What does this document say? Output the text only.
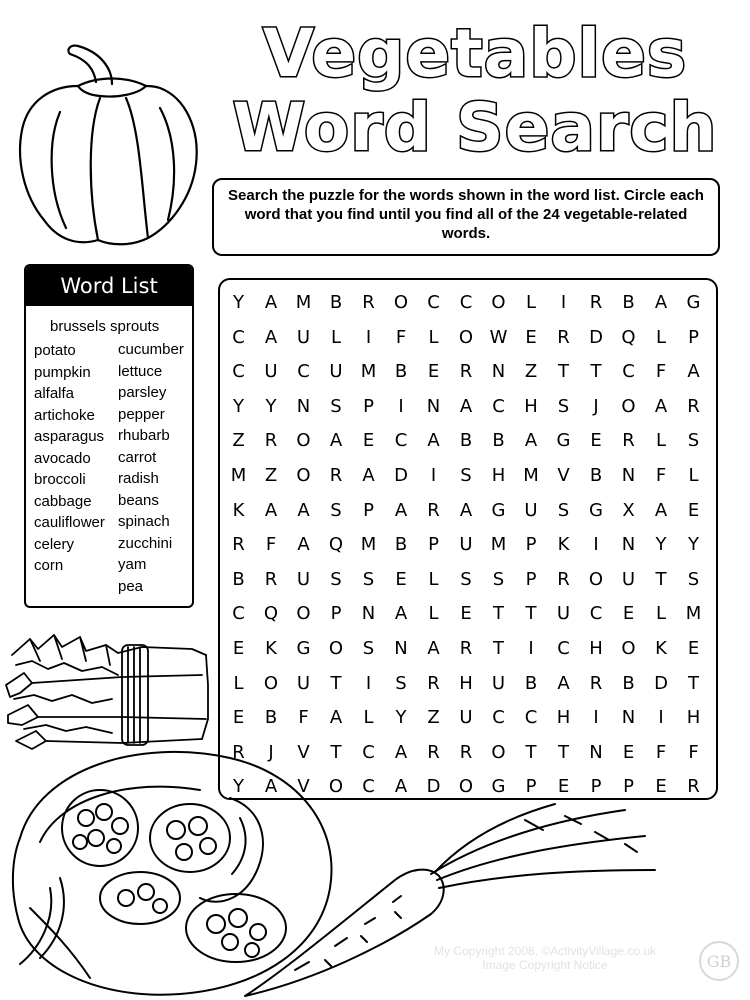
Vegetables
Word Search
Search the puzzle for the words shown in the word list. Circle each word that you find until you find all of the 24 vegetable-related words.
Word List
brussels sprouts
potato
pumpkin
alfalfa
artichoke
asparagus
avocado
broccoli
cabbage
cauliflower
celery
corn
cucumber
lettuce
parsley
pepper
rhubarb
carrot
radish
beans
spinach
zucchini
yam
pea
Y	A	M	B	R	O	C	C	O	L	I	R	B	A	G
C	A	U	L	I	F	L	O W E	R	D	Q	L	P
C	U	C	U	M	B	E	R	N	Z	T	T	C	F	A
Y	Y	N	S	P	I	N	A	C	H	S	J	O	A	R
Z	R	O	A	E	C	A	B	B	A	G	E	R	L	S
M	Z	O	R	A	D	I	S	H M	V	B	N	F	L
K	A	A	S	P	A	R	A	G	U	S	G	X	A	E
R	F	A	Q M	B	P	U	M	P	K	I	N	Y	Y
B	R	U	S	S	E	L	S	S	P	R	O	U	T	S
C	Q	O	P	N	A	L	E	T	T	U	C	E	L	M
E	K	G	O	S	N	A	R	T	I	C	H	O	K	E
L	O	U	T	I	S	R	H	U	B	A	R	B	D	T
E	B	F	A	L	Y	Z	U	C	C	H	I	N	I	H
R	J	V	T	C	A	R	R	O	T	T	N	E	F	F
Y	A	V	O	C	A	D	O	G	P	E	P	P	E	R
My Copyright 2008, ©ActivityVillage.co.uk
Image Copyright Notice	GB
